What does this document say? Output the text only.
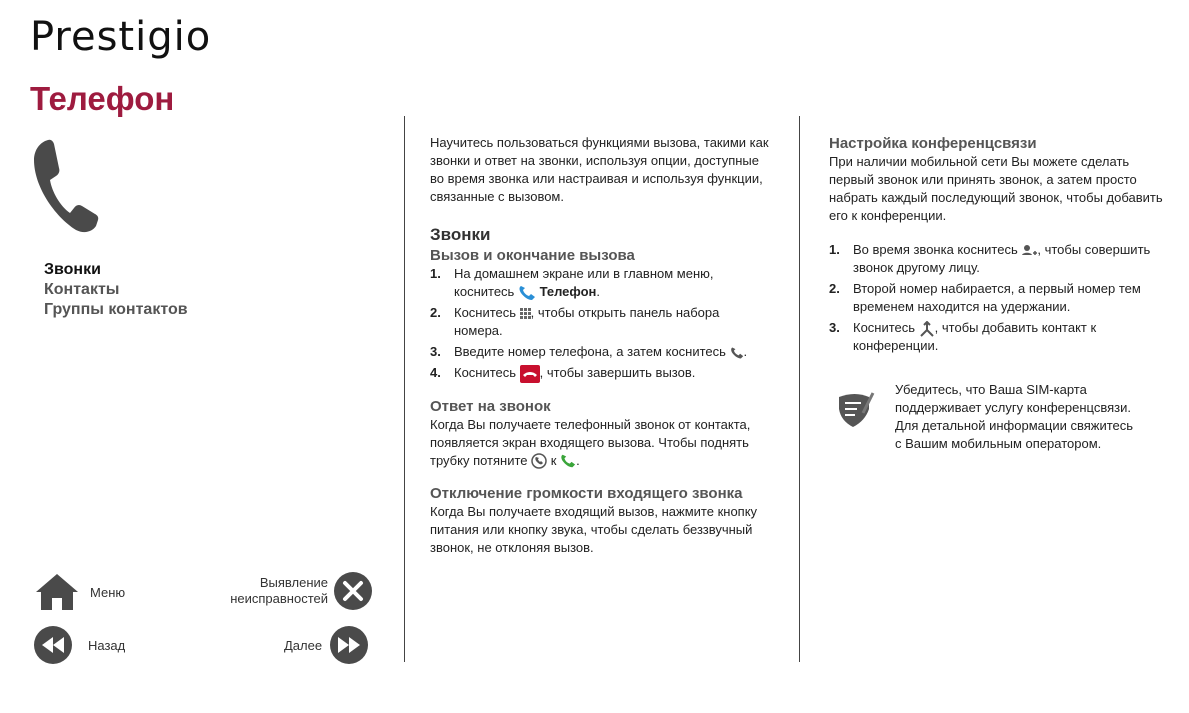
Prestigio
Телефон
Звонки
Контакты
Группы контактов
Меню
Выявление неисправностей
Назад	Далее

Научитесь пользоваться функциями вызова, такими как звонки и ответ на звонки, используя опции, доступные во время звонка или настраивая и используя функции, связанные с вызовом.

Звонки

Вызов и окончание вызова

1. На домашнем экране или в главном меню, коснитесь  Телефон.
2. Коснитесь , чтобы открыть панель набора номера.
3. Введите номер телефона, а затем коснитесь .
4. Коснитесь , чтобы завершить вызов.

Ответ на звонок

Когда Вы получаете телефонный звонок от контакта, появляется экран входящего вызова. Чтобы поднять трубку потяните  к .

Отключение громкости входящего звонка

Когда Вы получаете входящий вызов, нажмите кнопку питания или кнопку звука, чтобы сделать беззвучный звонок, не отклоняя вызов.

Настройка конференцсвязи

При наличии мобильной сети Вы можете сделать первый звонок или принять звонок, а затем просто набрать каждый последующий звонок, чтобы добавить его к конференции.

1. Во время звонка коснитесь , чтобы совершить звонок другому лицу.
2. Второй номер набирается, а первый номер тем временем находится на удержании.
3. Коснитесь , чтобы добавить контакт к конференции.

Убедитесь, что Ваша SIM-карта поддерживает услугу конференцсвязи. Для детальной информации свяжитесь с Вашим мобильным оператором.
